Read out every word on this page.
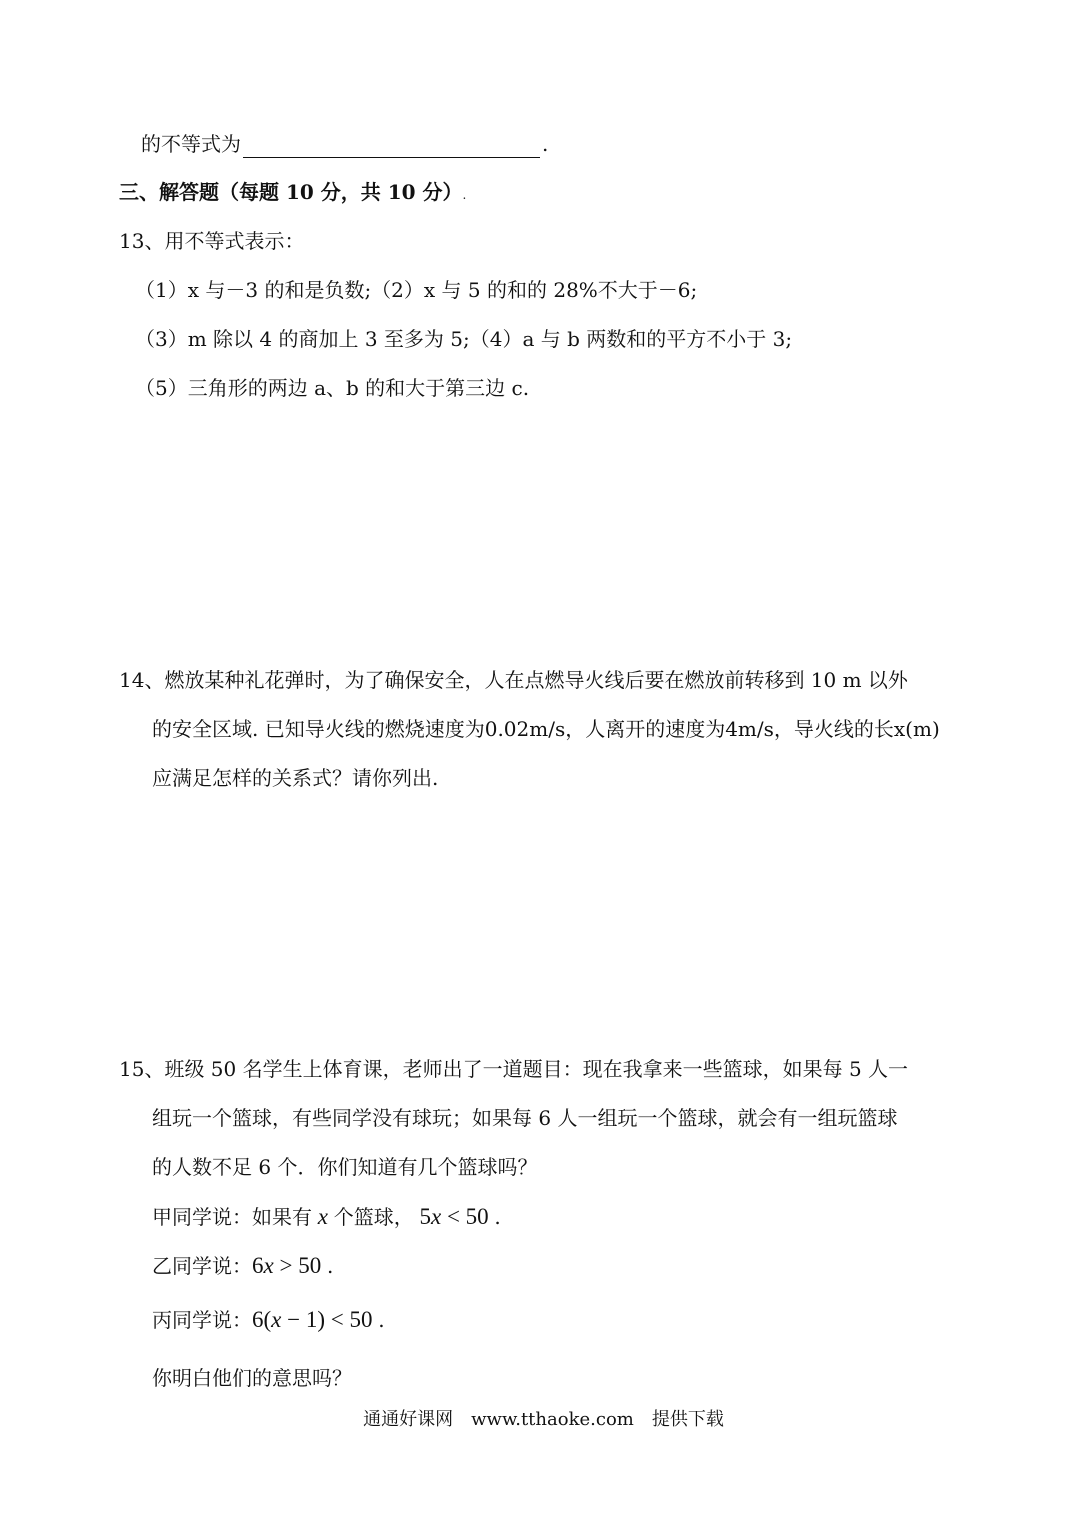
的不等式为	.
三、解答题（每题 10 分，共 10 分）.
13、用不等式表示：
（1）x 与－3 的和是负数;（2）x 与 5 的和的 28%不大于－6;
（3）m 除以 4 的商加上 3 至多为 5;（4）a 与 b 两数和的平方不小于 3;
（5）三角形的两边 a、b 的和大于第三边 c.
14、燃放某种礼花弹时，为了确保安全，人在点燃导火线后要在燃放前转移到 10 m 以外
的安全区域. 已知导火线的燃烧速度为0.02m/s，人离开的速度为4m/s，导火线的长x(m)
应满足怎样的关系式？请你列出.
15、班级 50 名学生上体育课，老师出了一道题目：现在我拿来一些篮球，如果每 5 人一
组玩一个篮球，有些同学没有球玩；如果每 6 人一组玩一个篮球，就会有一组玩篮球
的人数不足 6 个．你们知道有几个篮球吗？
甲同学说：如果有 x 个篮球， 5x < 50 .
乙同学说：6x > 50 .
丙同学说：6(x − 1) < 50 .
你明白他们的意思吗？
通通好课网　www.tthaoke.com　提供下载
